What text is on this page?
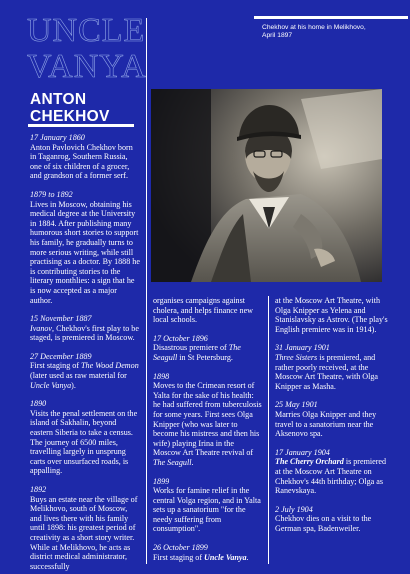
UNCLE
VANYA
ANTON
CHEKHOV
Chekhov at his home in Melikhovo,
April 1897
17 January 1860

Anton Pavlovich Chekhov born in Taganrog, Southern Russia, one of six children of a grocer, and grandson of a former serf.

1879 to 1892

Lives in Moscow, obtaining his medical degree at the University in 1884. After publishing many humorous short stories to support his family, he gradually turns to more serious writing, while still practising as a doctor. By 1888 he is contributing stories to the literary monthlies: a sign that he is now accepted as a major author.

15 November 1887

Ivanov, Chekhov's first play to be staged, is premiered in Moscow.

27 December 1889

First staging of The Wood Demon (later used as raw material for Uncle Vanya).

1890

Visits the penal settlement on the island of Sakhalin, beyond eastern Siberia to take a census. The journey of 6500 miles, travelling largely in unsprung carts over unsurfaced roads, is appalling.

1892

Buys an estate near the village of Melikhovo, south of Moscow, and lives there with his family until 1898: his greatest period of creativity as a short story writer. While at Melikhovo, he acts as district medical administrator, successfully

organises campaigns against cholera, and helps finance new local schools.

17 October 1896

Disastrous premiere of The Seagull in St Petersburg.

1898

Moves to the Crimean resort of Yalta for the sake of his health: he had suffered from tuberculosis for some years. First sees Olga Knipper (who was later to become his mistress and then his wife) playing Irina in the Moscow Art Theatre revival of The Seagull.

1899

Works for famine relief in the central Volga region, and in Yalta sets up a sanatorium "for the needy suffering from consumption".

26 October 1899

First staging of Uncle Vanya.

at the Moscow Art Theatre, with Olga Knipper as Yelena and Stanislavsky as Astrov. (The play's English premiere was in 1914).

31 January 1901

Three Sisters is premiered, and rather poorly received, at the Moscow Art Theatre, with Olga Knipper as Masha.

25 May 1901

Marries Olga Knipper and they travel to a sanatorium near the Aksenovo spa.

17 January 1904

The Cherry Orchard is premiered at the Moscow Art Theatre on Chekhov's 44th birthday; Olga as Ranevskaya.

2 July 1904

Chekhov dies on a visit to the German spa, Badenweiler.
